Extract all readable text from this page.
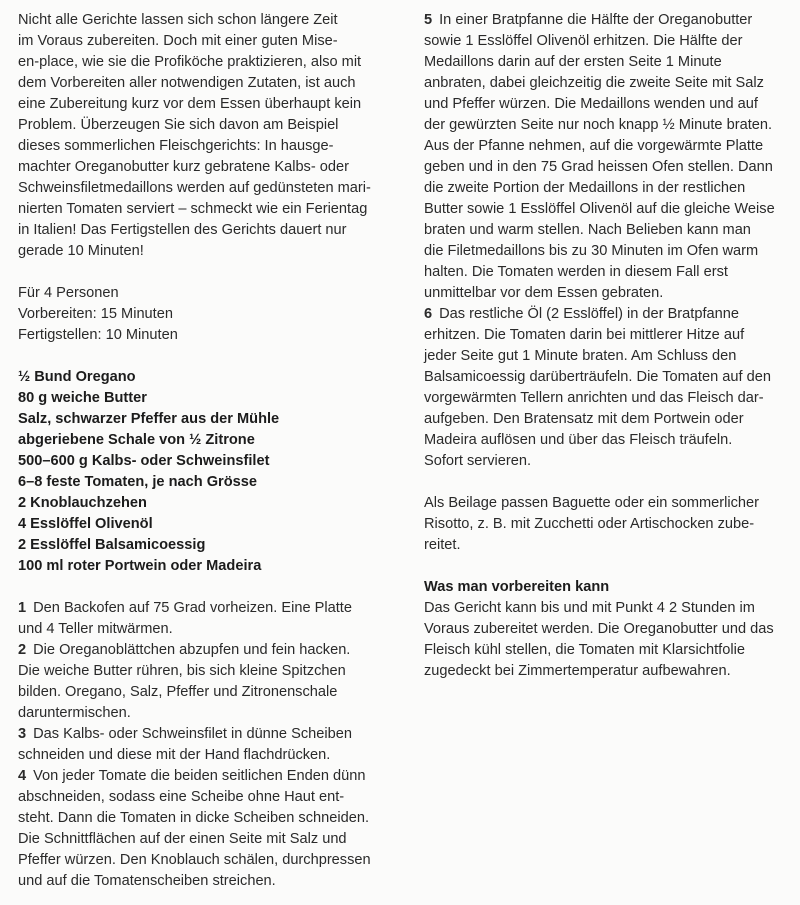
Nicht alle Gerichte lassen sich schon längere Zeit
im Voraus zubereiten. Doch mit einer guten Mise-
en-place, wie sie die Profiköche praktizieren, also mit
dem Vorbereiten aller notwendigen Zutaten, ist auch
eine Zubereitung kurz vor dem Essen überhaupt kein
Problem. Überzeugen Sie sich davon am Beispiel
dieses sommerlichen Fleischgerichts: In hausge-
machter Oreganobutter kurz gebratene Kalbs- oder
Schweinsfiletmedaillons werden auf gedünsteten mari-
nierten Tomaten serviert – schmeckt wie ein Ferientag
in Italien! Das Fertigstellen des Gerichts dauert nur
gerade 10 Minuten!
Für 4 Personen
Vorbereiten: 15 Minuten
Fertigstellen: 10 Minuten
½ Bund Oregano
80 g weiche Butter
Salz, schwarzer Pfeffer aus der Mühle
abgeriebene Schale von ½ Zitrone
500–600 g Kalbs- oder Schweinsfilet
6–8 feste Tomaten, je nach Grösse
2 Knoblauchzehen
4 Esslöffel Olivenöl
2 Esslöffel Balsamicoessig
100 ml roter Portwein oder Madeira
1 Den Backofen auf 75 Grad vorheizen. Eine Platte
und 4 Teller mitwärmen.
2 Die Oreganoblättchen abzupfen und fein hacken.
Die weiche Butter rühren, bis sich kleine Spitzchen
bilden. Oregano, Salz, Pfeffer und Zitronenschale
daruntermischen.
3 Das Kalbs- oder Schweinsfilet in dünne Scheiben
schneiden und diese mit der Hand flachdrücken.
4 Von jeder Tomate die beiden seitlichen Enden dünn
abschneiden, sodass eine Scheibe ohne Haut ent-
steht. Dann die Tomaten in dicke Scheiben schneiden.
Die Schnittflächen auf der einen Seite mit Salz und
Pfeffer würzen. Den Knoblauch schälen, durchpressen
und auf die Tomatenscheiben streichen.
5 In einer Bratpfanne die Hälfte der Oreganobutter
sowie 1 Esslöffel Olivenöl erhitzen. Die Hälfte der
Medaillons darin auf der ersten Seite 1 Minute
anbraten, dabei gleichzeitig die zweite Seite mit Salz
und Pfeffer würzen. Die Medaillons wenden und auf
der gewürzten Seite nur noch knapp ½ Minute braten.
Aus der Pfanne nehmen, auf die vorgewärmte Platte
geben und in den 75 Grad heissen Ofen stellen. Dann
die zweite Portion der Medaillons in der restlichen
Butter sowie 1 Esslöffel Olivenöl auf die gleiche Weise
braten und warm stellen. Nach Belieben kann man
die Filetmedaillons bis zu 30 Minuten im Ofen warm
halten. Die Tomaten werden in diesem Fall erst
unmittelbar vor dem Essen gebraten.
6 Das restliche Öl (2 Esslöffel) in der Bratpfanne
erhitzen. Die Tomaten darin bei mittlerer Hitze auf
jeder Seite gut 1 Minute braten. Am Schluss den
Balsamicoessig darüberträufeln. Die Tomaten auf den
vorgewärmten Tellern anrichten und das Fleisch dar-
aufgeben. Den Bratensatz mit dem Portwein oder
Madeira auflösen und über das Fleisch träufeln.
Sofort servieren.
Als Beilage passen Baguette oder ein sommerlicher
Risotto, z. B. mit Zucchetti oder Artischocken zube-
reitet.
Was man vorbereiten kann
Das Gericht kann bis und mit Punkt 4 2 Stunden im
Voraus zubereitet werden. Die Oreganobutter und das
Fleisch kühl stellen, die Tomaten mit Klarsichtfolie
zugedeckt bei Zimmertemperatur aufbewahren.
